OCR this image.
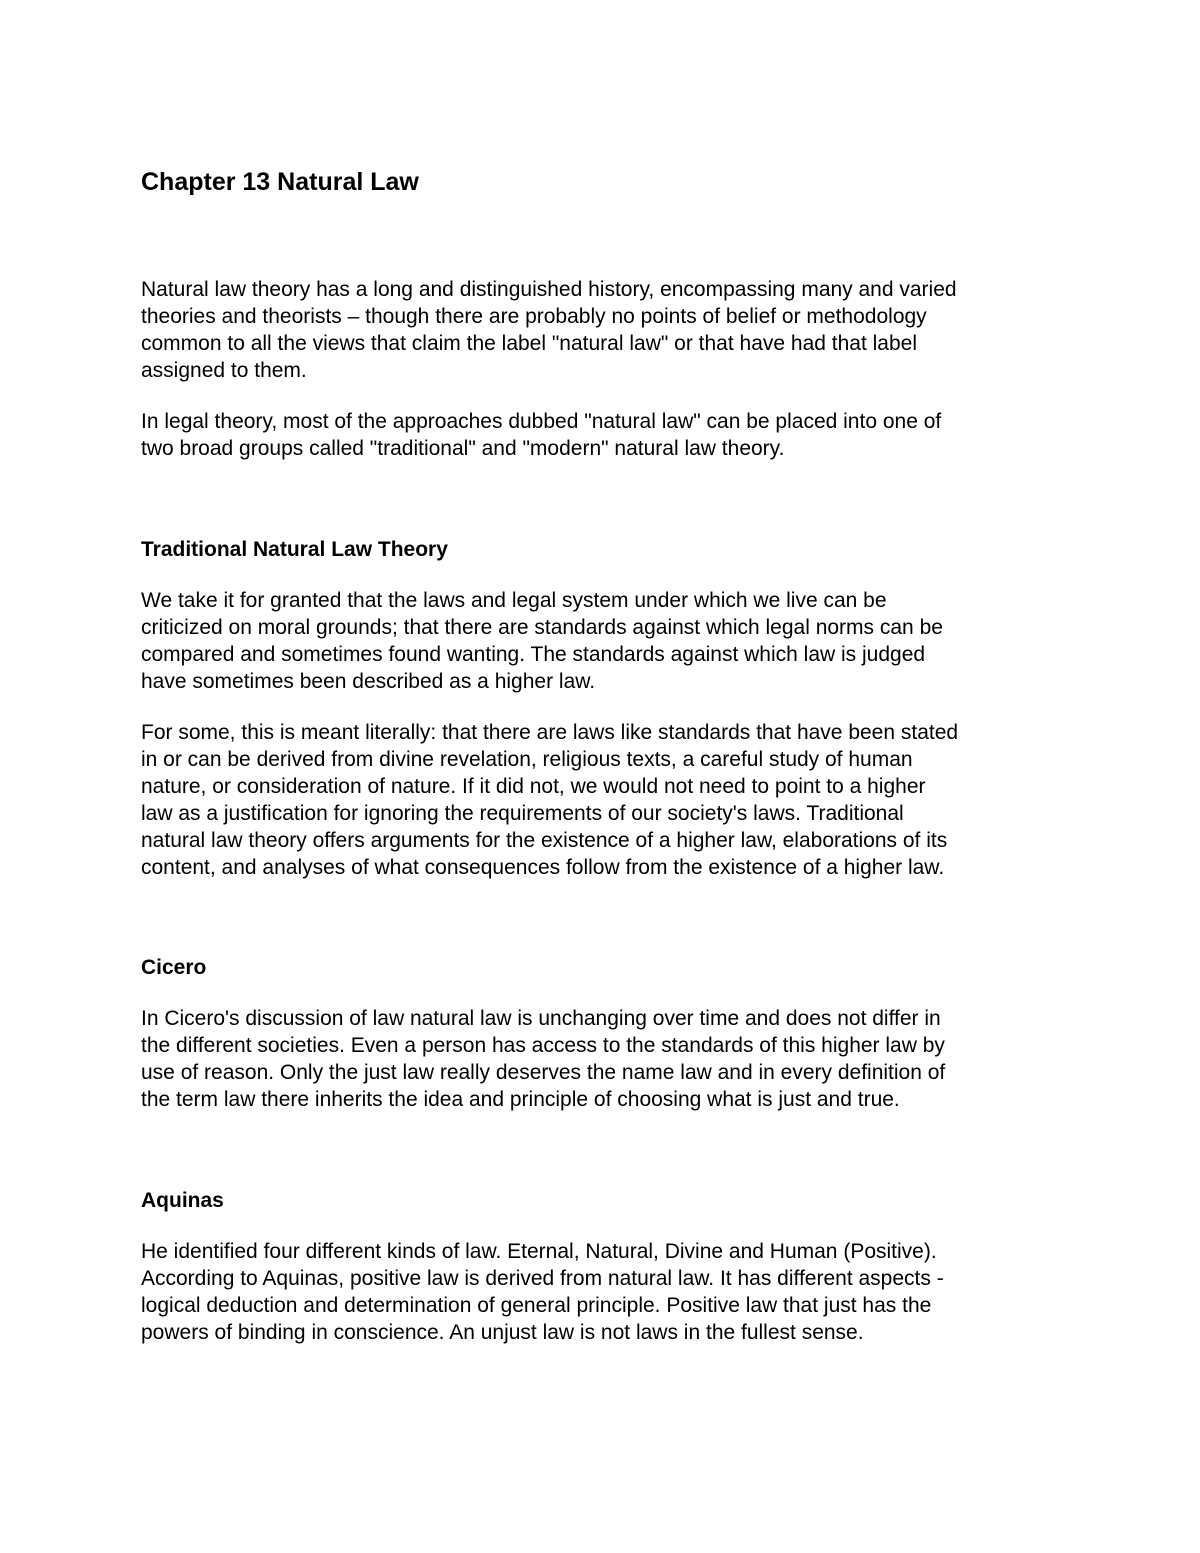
Chapter 13 Natural Law

Natural law theory has a long and distinguished history, encompassing many and varied
theories and theorists – though there are probably no points of belief or methodology
common to all the views that claim the label "natural law" or that have had that label
assigned to them.

In legal theory, most of the approaches dubbed "natural law" can be placed into one of
two broad groups called "traditional" and "modern" natural law theory.

Traditional Natural Law Theory

We take it for granted that the laws and legal system under which we live can be
criticized on moral grounds; that there are standards against which legal norms can be
compared and sometimes found wanting. The standards against which law is judged
have sometimes been described as a higher law.

For some, this is meant literally: that there are laws like standards that have been stated
in or can be derived from divine revelation, religious texts, a careful study of human
nature, or consideration of nature. If it did not, we would not need to point to a higher
law as a justification for ignoring the requirements of our society's laws. Traditional
natural law theory offers arguments for the existence of a higher law, elaborations of its
content, and analyses of what consequences follow from the existence of a higher law.

Cicero

In Cicero's discussion of law natural law is unchanging over time and does not differ in
the different societies. Even a person has access to the standards of this higher law by
use of reason. Only the just law really deserves the name law and in every definition of
the term law there inherits the idea and principle of choosing what is just and true.

Aquinas

He identified four different kinds of law. Eternal, Natural, Divine and Human (Positive).
According to Aquinas, positive law is derived from natural law. It has different aspects -
logical deduction and determination of general principle. Positive law that just has the
powers of binding in conscience. An unjust law is not laws in the fullest sense.
